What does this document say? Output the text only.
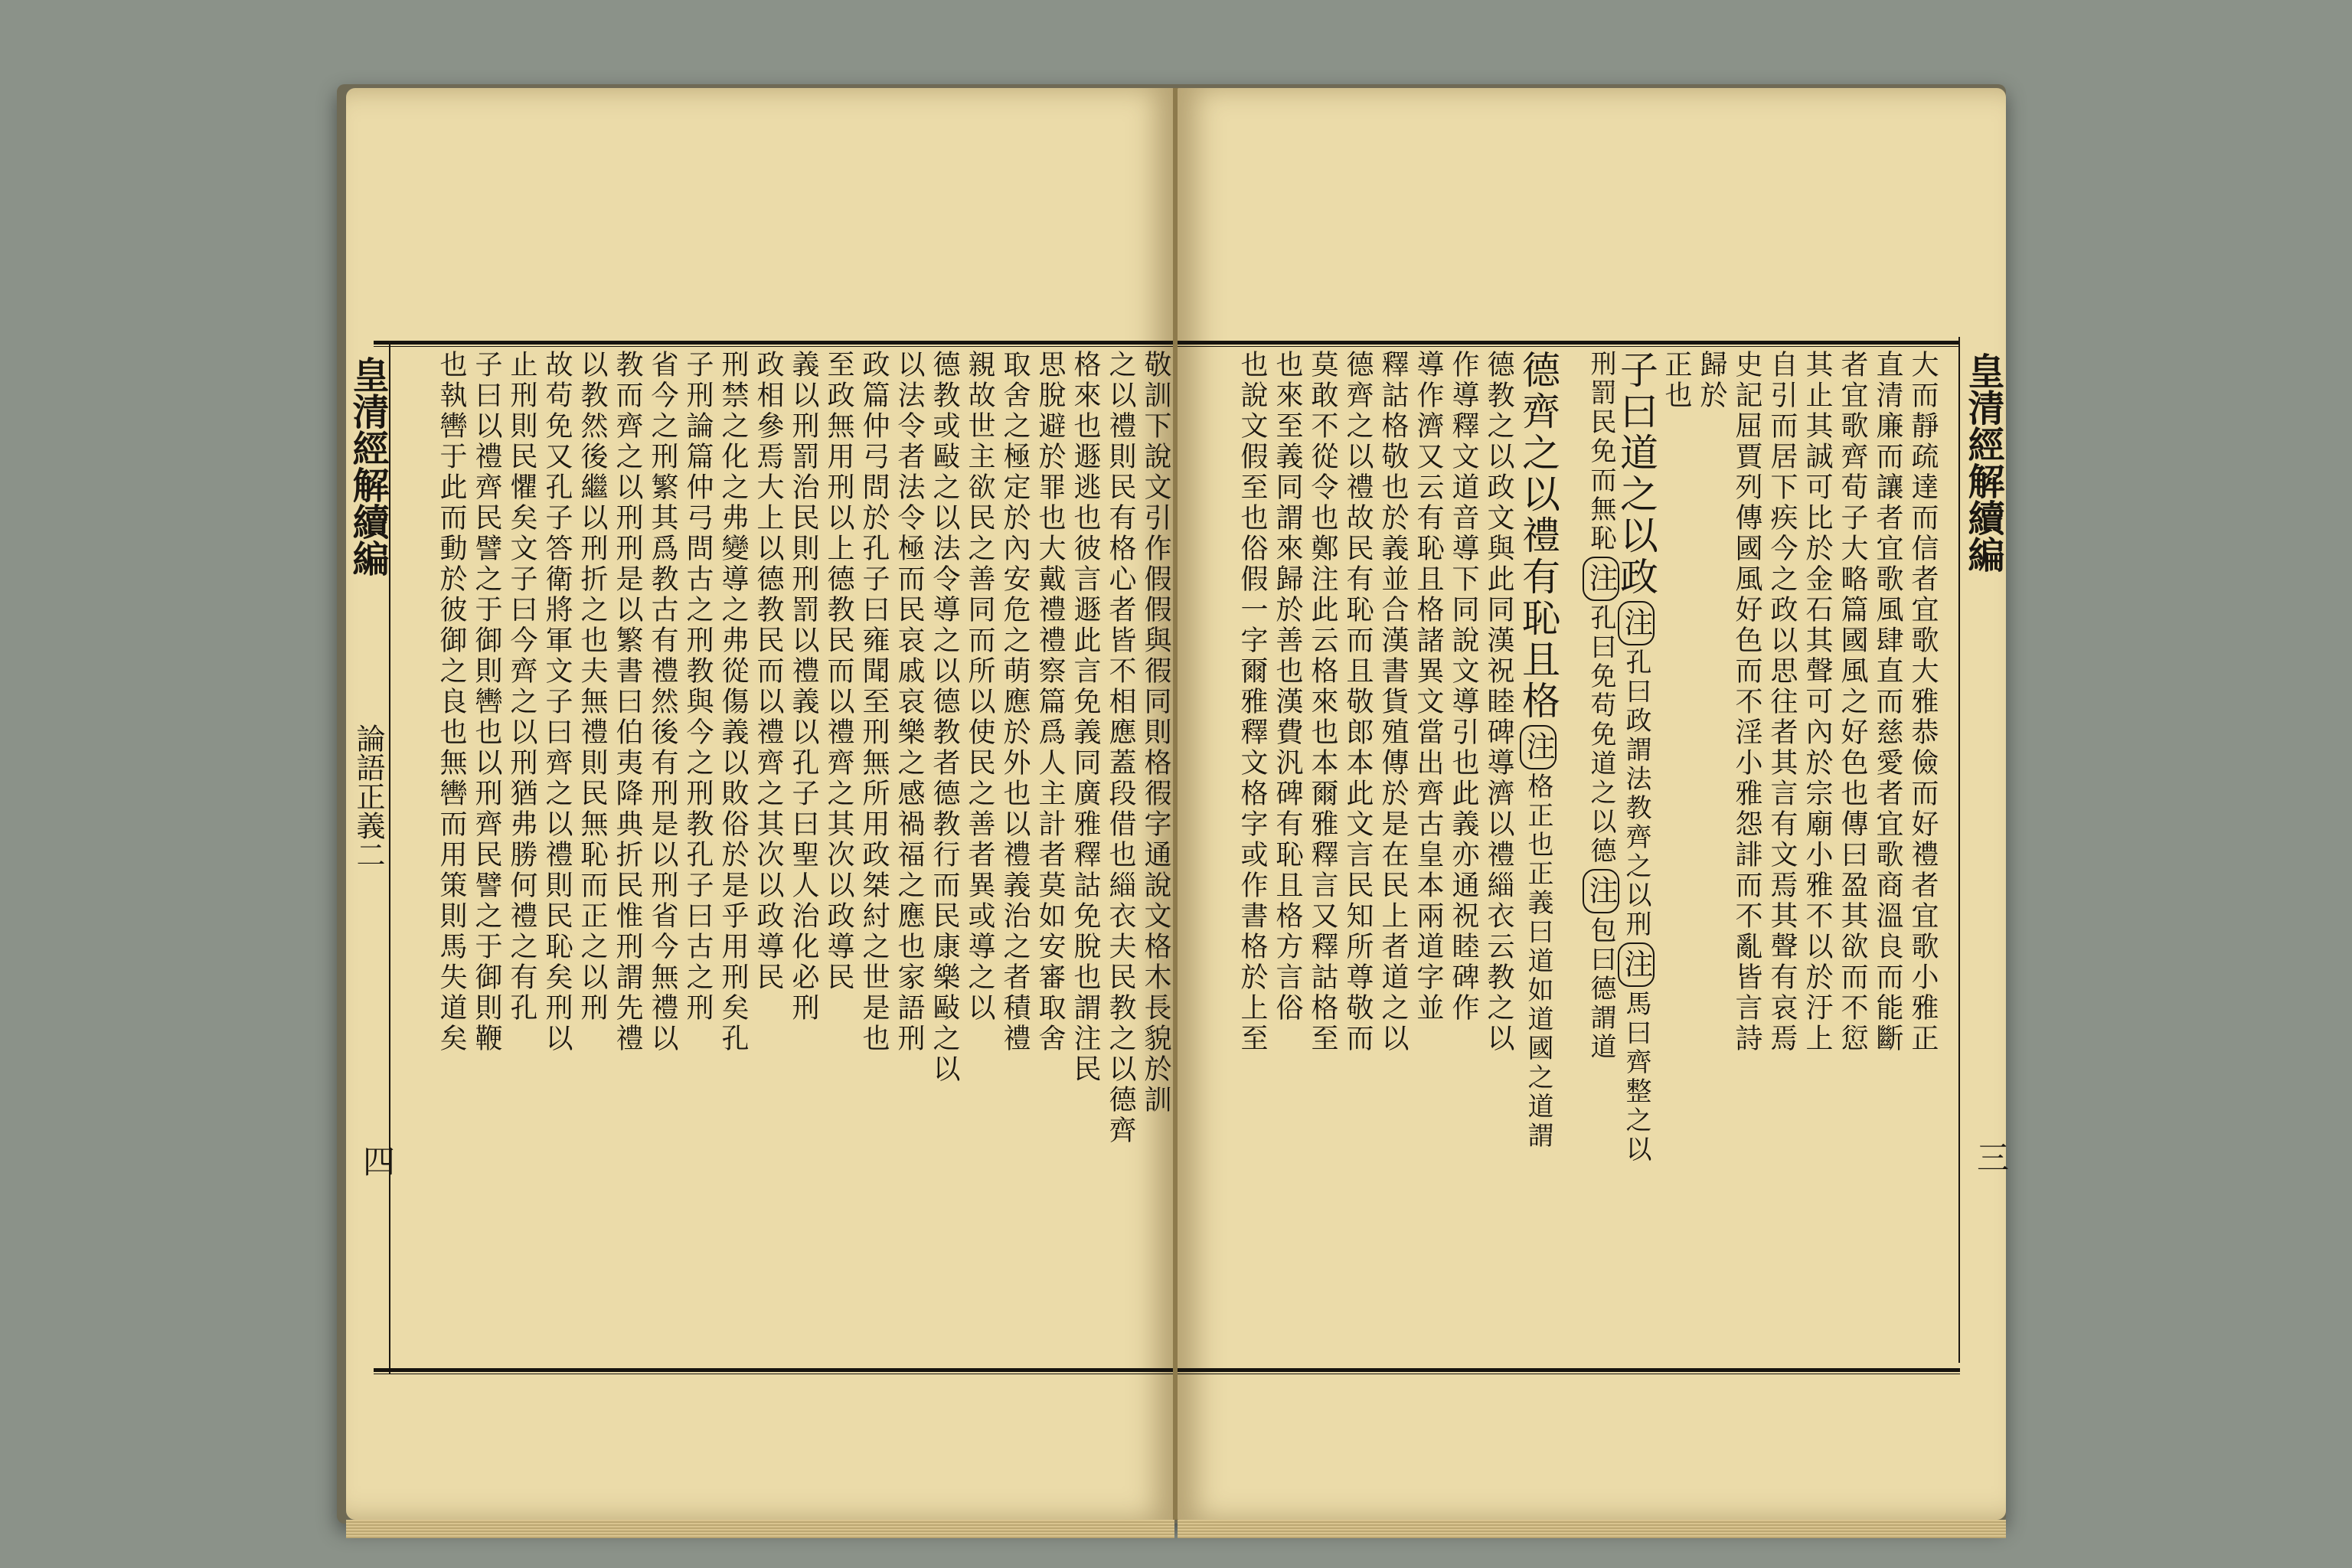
皇清經解續編
論語正義二
四
敬訓下說文引作假假與徦同則格徦字通說文格木長貌於訓
之以禮則民有格心者皆不相應蓋段借也緇衣夫民教之以德齊
格來也遯逃也彼言遯此言免義同廣雅釋詁免脫也謂注民
思脫避於罪也大戴禮禮察篇爲人主計者莫如安審取舍
取舍之極定於內安危之萌應於外也以禮義治之者積禮
親故世主欲民之善同而所以使民之善者異或導之以
德教或敺之以法令導之以德教者德教行而民康樂敺之以
以法令者法令極而民哀戚哀樂之感禍福之應也家語刑
政篇仲弓問於孔子曰雍聞至刑無所用政桀紂之世是也
至政無用刑以上德教民而以禮齊之其次以政導民
義以刑罰治民則刑罰以禮義以孔子曰聖人治化必刑
政相參焉大上以德教民而以禮齊之其次以政導民
刑禁之化之弗變導之弗從傷義以敗俗於是乎用刑矣孔
子刑論篇仲弓問古之刑教與今之刑教孔子曰古之刑
省今之刑繁其爲教古有禮然後有刑是以刑省今無禮以
教而齊之以刑刑是以繁書曰伯夷降典折民惟刑謂先禮
以教然後繼以刑折之也夫無禮則民無恥而正之以刑
故苟免又孔子答衛將軍文子曰齊之以禮則民恥矣刑以
止刑則民懼矣文子曰今齊之以刑猶弗勝何禮之有孔
子曰以禮齊民譬之于御則轡也以刑齊民譬之于御則鞭
也執轡于此而動於彼御之良也無轡而用策則馬失道矣	大而靜疏達而信者宜歌大雅恭儉而好禮者宜歌小雅正
直清廉而讓者宜歌風肆直而慈愛者宜歌商溫良而能斷
者宜歌齊荀子大略篇國風之好色也傳曰盈其欲而不愆
其止其誠可比於金石其聲可內於宗廟小雅不以於汙上
自引而居下疾今之政以思往者其言有文焉其聲有哀焉
史記屈賈列傳國風好色而不淫小雅怨誹而不亂皆言詩
歸於
正也
子曰道之以政注孔曰政謂法教齊之以刑注馬曰齊整之以
刑罰民免而無恥注孔曰免苟免道之以德注包曰德謂道
德齊之以禮有恥且格注格正也正義曰道如道國之道謂
德教之以政文與此同漢祝睦碑導濟以禮緇衣云教之以
作導釋文道音導下同說文導引也此義亦通祝睦碑作
導作濟又云有恥且格諸異文當出齊古皇本兩道字並
釋詁格敬也於義並合漢書貨殖傳於是在民上者道之以
德齊之以禮故民有恥而且敬郎本此文言民知所尊敬而
莫敢不從令也鄭注此云格來也本爾雅釋言又釋詁格至
也來至義同謂來歸於善也漢費汎碑有恥且格方言俗
也說文假至也俗假一字爾雅釋文格字或作書格於上至	皇清經解續編
三
